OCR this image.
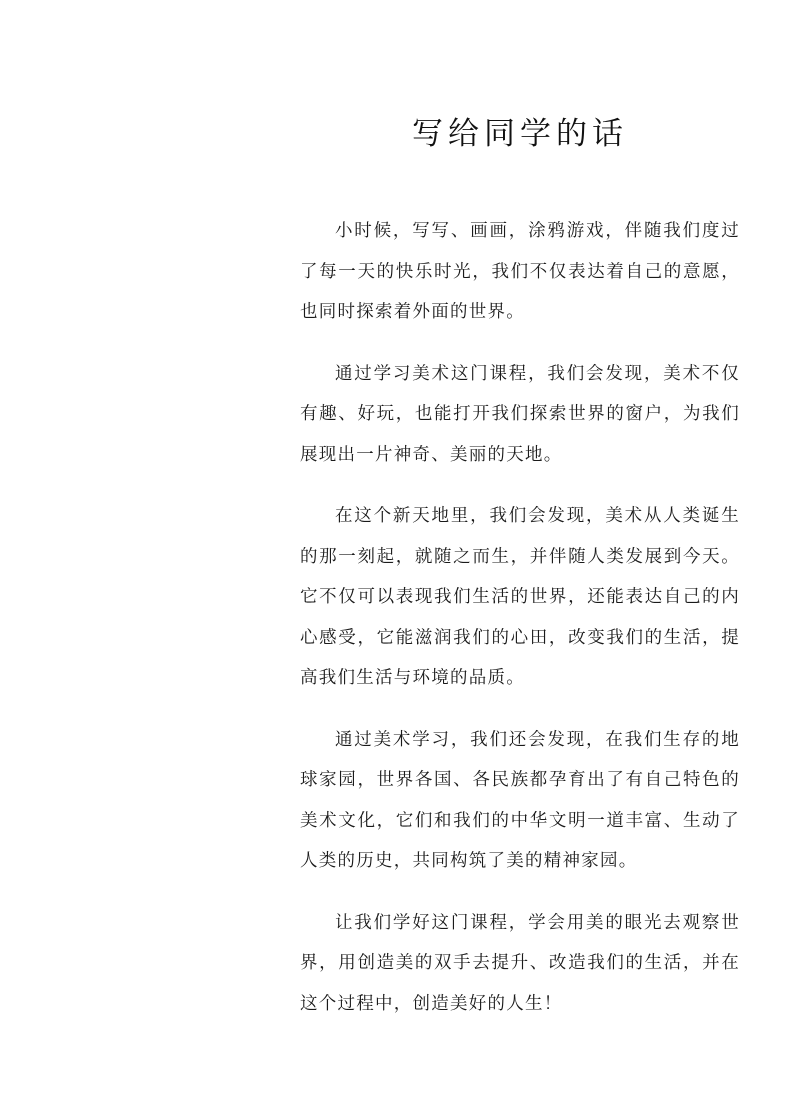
写给同学的话

小时候，写写、画画，涂鸦游戏，伴随我们度过了每一天的快乐时光，我们不仅表达着自己的意愿，也同时探索着外面的世界。

通过学习美术这门课程，我们会发现，美术不仅有趣、好玩，也能打开我们探索世界的窗户，为我们展现出一片神奇、美丽的天地。

在这个新天地里，我们会发现，美术从人类诞生的那一刻起，就随之而生，并伴随人类发展到今天。它不仅可以表现我们生活的世界，还能表达自己的内心感受，它能滋润我们的心田，改变我们的生活，提高我们生活与环境的品质。

通过美术学习，我们还会发现，在我们生存的地球家园，世界各国、各民族都孕育出了有自己特色的美术文化，它们和我们的中华文明一道丰富、生动了人类的历史，共同构筑了美的精神家园。

让我们学好这门课程，学会用美的眼光去观察世界，用创造美的双手去提升、改造我们的生活，并在这个过程中，创造美好的人生！
